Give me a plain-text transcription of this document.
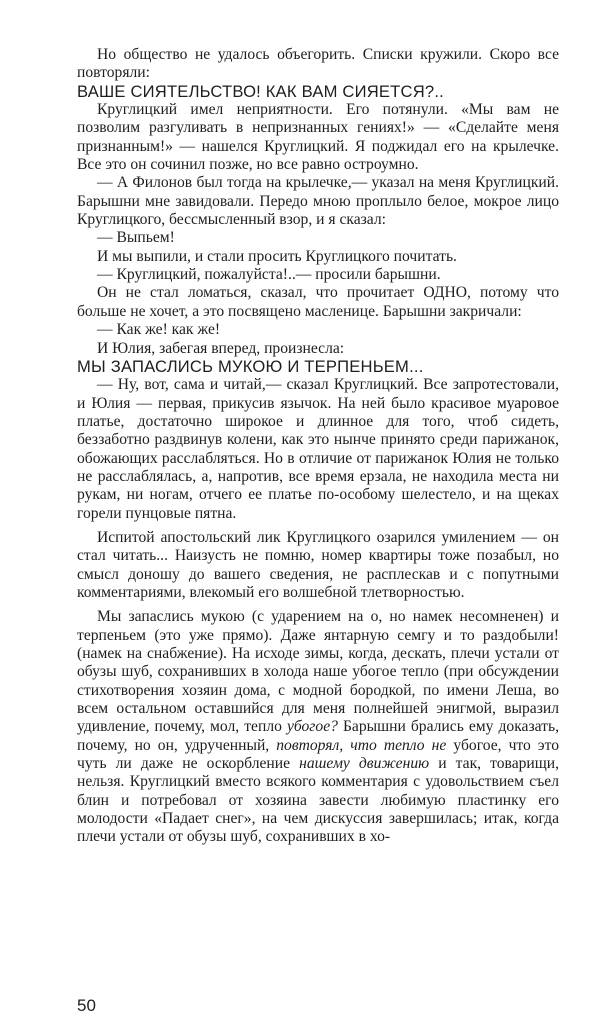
Но общество не удалось объегорить. Списки кружили. Скоро все повторяли:

ВАШЕ СИЯТЕЛЬСТВО! КАК ВАМ СИЯЕТСЯ?..

Круглицкий имел неприятности. Его потянули. «Мы вам не позволим разгуливать в непризнанных гениях!» — «Сделайте меня признанным!» — нашелся Круглицкий. Я поджидал его на крылечке. Все это он сочинил позже, но все равно остроумно.

— А Филонов был тогда на крылечке,— указал на меня Круглицкий. Барышни мне завидовали. Передо мною проплыло белое, мокрое лицо Круглицкого, бессмысленный взор, и я сказал:

— Выпьем!

И мы выпили, и стали просить Круглицкого почитать.

— Круглицкий, пожалуйста!..— просили барышни.

Он не стал ломаться, сказал, что прочитает ОДНО, потому что больше не хочет, а это посвящено масленице. Барышни закричали:

— Как же! как же!

И Юлия, забегая вперед, произнесла:

МЫ ЗАПАСЛИСЬ МУКОЮ И ТЕРПЕНЬЕМ...

— Ну, вот, сама и читай,— сказал Круглицкий. Все запротестовали, и Юлия — первая, прикусив язычок. На ней было красивое муаровое платье, достаточно широкое и длинное для того, чтоб сидеть, беззаботно раздвинув колени, как это нынче принято среди парижанок, обожающих расслабляться. Но в отличие от парижанок Юлия не только не расслаблялась, а, напротив, все время ерзала, не находила места ни рукам, ни ногам, отчего ее платье по-особому шелестело, и на щеках горели пунцовые пятна.

Испитой апостольский лик Круглицкого озарился умилением — он стал читать... Наизусть не помню, номер квартиры тоже позабыл, но смысл доношу до вашего сведения, не расплескав и с попутными комментариями, влекомый его волшебной тлетворностью.

Мы запаслись мукою (с ударением на о, но намек несомненен) и терпеньем (это уже прямо). Даже янтарную семгу и то раздобыли! (намек на снабжение). На исходе зимы, когда, дескать, плечи устали от обузы шуб, сохранивших в холода наше убогое тепло (при обсуждении стихотворения хозяин дома, с модной бородкой, по имени Леша, во всем остальном оставшийся для меня полнейшей энигмой, выразил удивление, почему, мол, тепло убогое? Барышни брались ему доказать, почему, но он, удрученный, повторял, что тепло не убогое, что это чуть ли даже не оскорбление нашему движению и так, товарищи, нельзя. Круглицкий вместо всякого комментария с удовольствием съел блин и потребовал от хозяина завести любимую пластинку его молодости «Падает снег», на чем дискуссия завершилась; итак, когда плечи устали от обузы шуб, сохранивших в хо-

50
